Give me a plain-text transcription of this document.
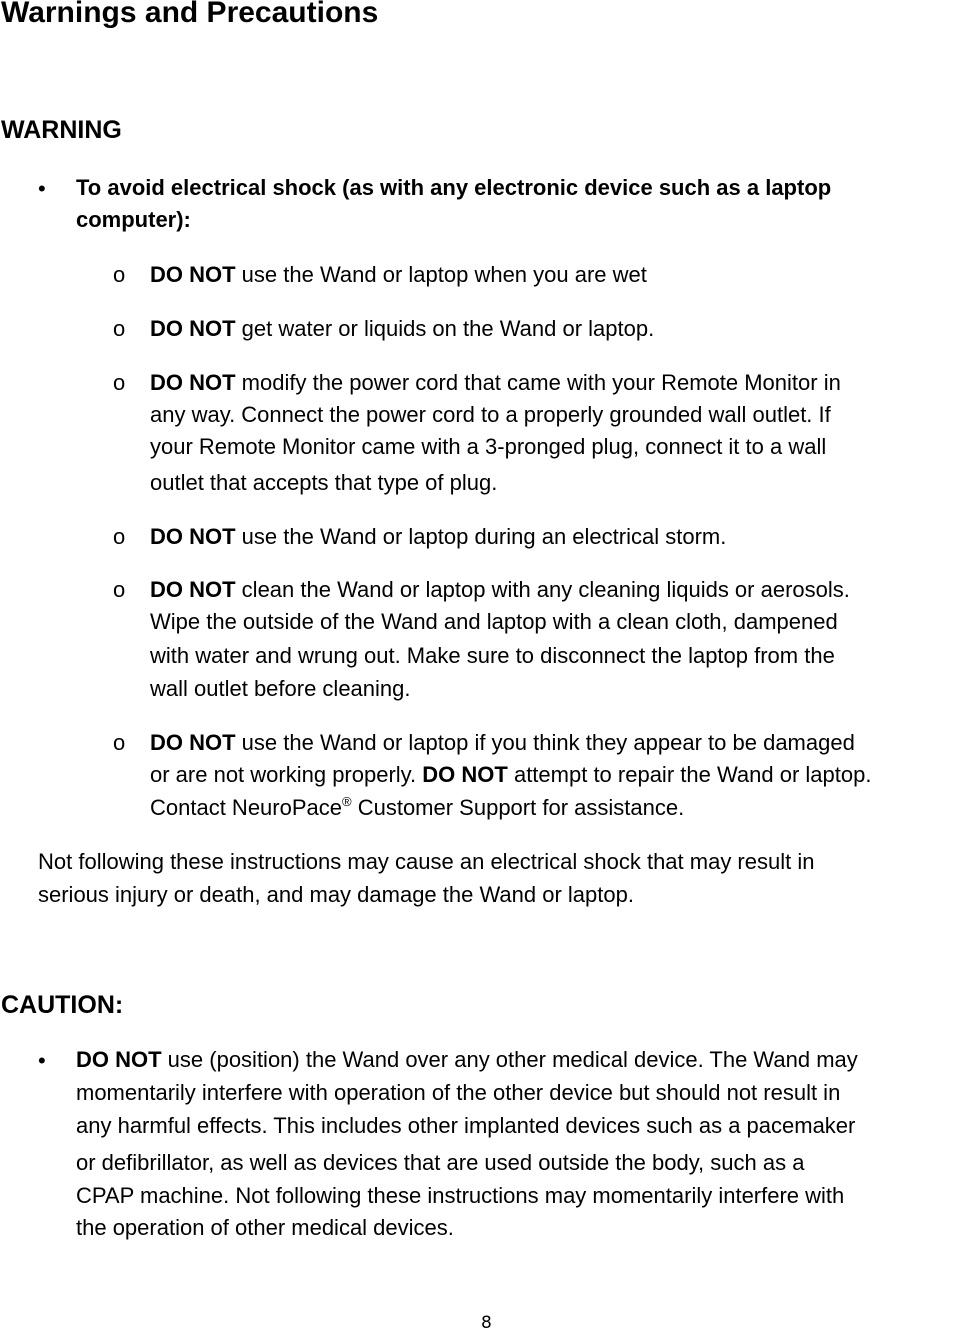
Warnings and Precautions
WARNING
• To avoid electrical shock (as with any electronic device such as a laptop
computer):
o DO NOT use the Wand or laptop when you are wet
o DO NOT get water or liquids on the Wand or laptop.
o DO NOT modify the power cord that came with your Remote Monitor in
any way. Connect the power cord to a properly grounded wall outlet. If
your Remote Monitor came with a 3-pronged plug, connect it to a wall
outlet that accepts that type of plug.
o DO NOT use the Wand or laptop during an electrical storm.
o DO NOT clean the Wand or laptop with any cleaning liquids or aerosols.
Wipe the outside of the Wand and laptop with a clean cloth, dampened
with water and wrung out. Make sure to disconnect the laptop from the
wall outlet before cleaning.
o DO NOT use the Wand or laptop if you think they appear to be damaged
or are not working properly. DO NOT attempt to repair the Wand or laptop.
Contact NeuroPace® Customer Support for assistance.
Not following these instructions may cause an electrical shock that may result in
serious injury or death, and may damage the Wand or laptop.
CAUTION:
• DO NOT use (position) the Wand over any other medical device. The Wand may
momentarily interfere with operation of the other device but should not result in
any harmful effects. This includes other implanted devices such as a pacemaker
or defibrillator, as well as devices that are used outside the body, such as a
CPAP machine. Not following these instructions may momentarily interfere with
the operation of other medical devices.
8
